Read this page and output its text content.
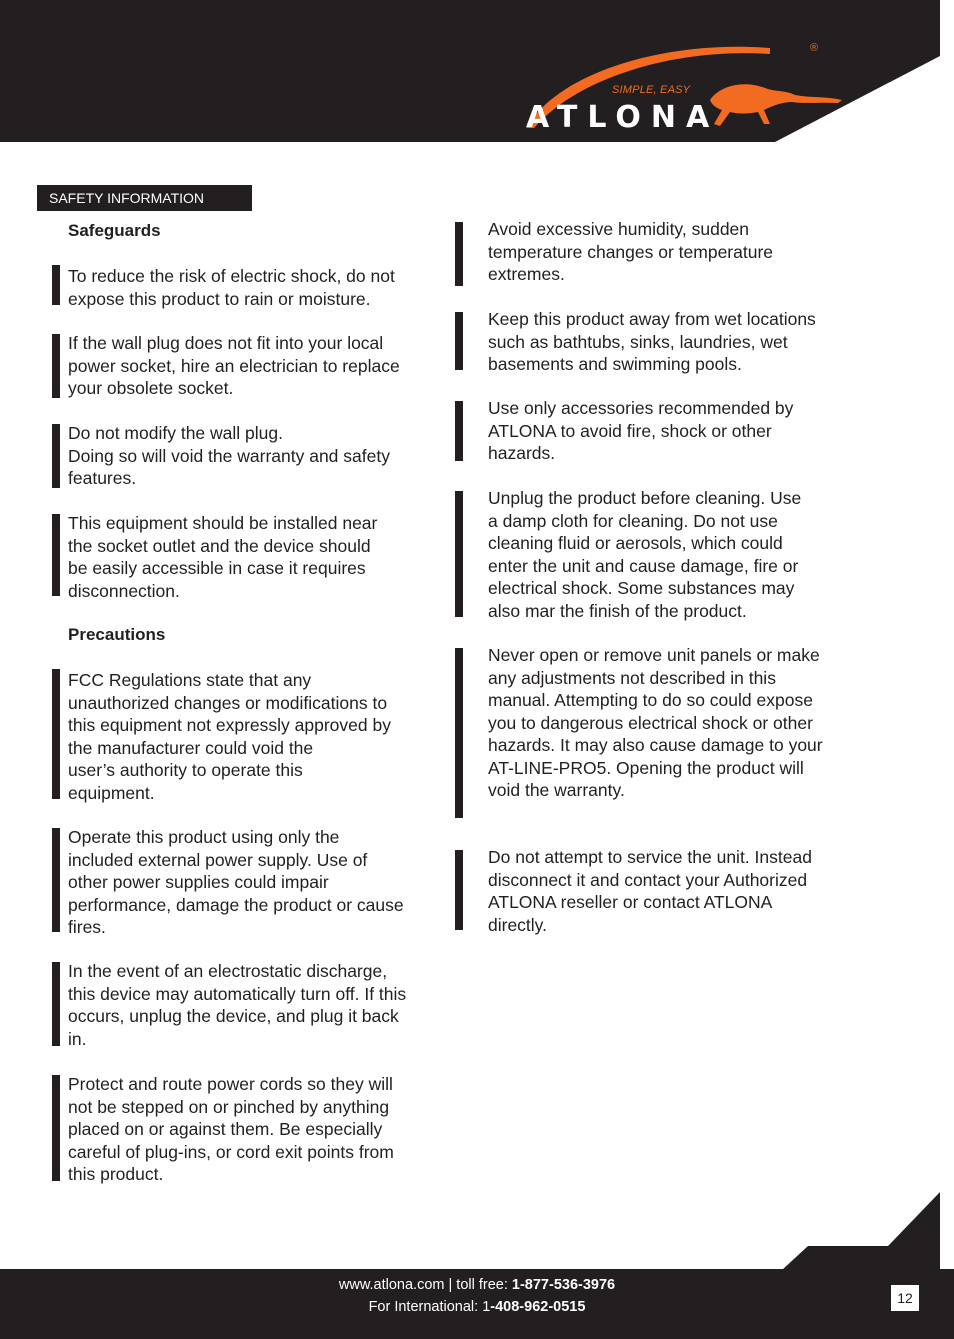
SIMPLE, EASY
ATLONA
®
SAFETY INFORMATION
Safeguards
To reduce the risk of electric shock, do not
expose this product to rain or moisture.
If the wall plug does not fit into your local
power socket, hire an electrician to replace
your obsolete socket.
Do not modify the wall plug.
Doing so will void the warranty and safety
features.
This equipment should be installed near
the socket outlet and the device should
be easily accessible in case it requires
disconnection.
Precautions
FCC Regulations state that any
unauthorized changes or modifications to
this equipment not expressly approved by
the manufacturer could void the
user’s authority to operate this
equipment.
Operate this product using only the
included external power supply. Use of
other power supplies could impair
performance, damage the product or cause
fires.
In the event of an electrostatic discharge,
this device may automatically turn off. If this
occurs, unplug the device, and plug it back
in.
Protect and route power cords so they will
not be stepped on or pinched by anything
placed on or against them. Be especially
careful of plug-ins, or cord exit points from
this product.
Avoid excessive humidity, sudden
temperature changes or temperature
extremes.
Keep this product away from wet locations
such as bathtubs, sinks, laundries, wet
basements and swimming pools.
Use only accessories recommended by
ATLONA to avoid fire, shock or other
hazards.
Unplug the product before cleaning. Use
a damp cloth for cleaning. Do not use
cleaning fluid or aerosols, which could
enter the unit and cause damage, fire or
electrical shock. Some substances may
also mar the finish of the product.
Never open or remove unit panels or make
any adjustments not described in this
manual. Attempting to do so could expose
you to dangerous electrical shock or other
hazards. It may also cause damage to your
AT-LINE-PRO5. Opening the product will
void the warranty.
Do not attempt to service the unit. Instead
disconnect it and contact your Authorized
ATLONA reseller or contact ATLONA
directly.
www.atlona.com | toll free: 1-877-536-3976
For International: 1-408-962-0515
12
